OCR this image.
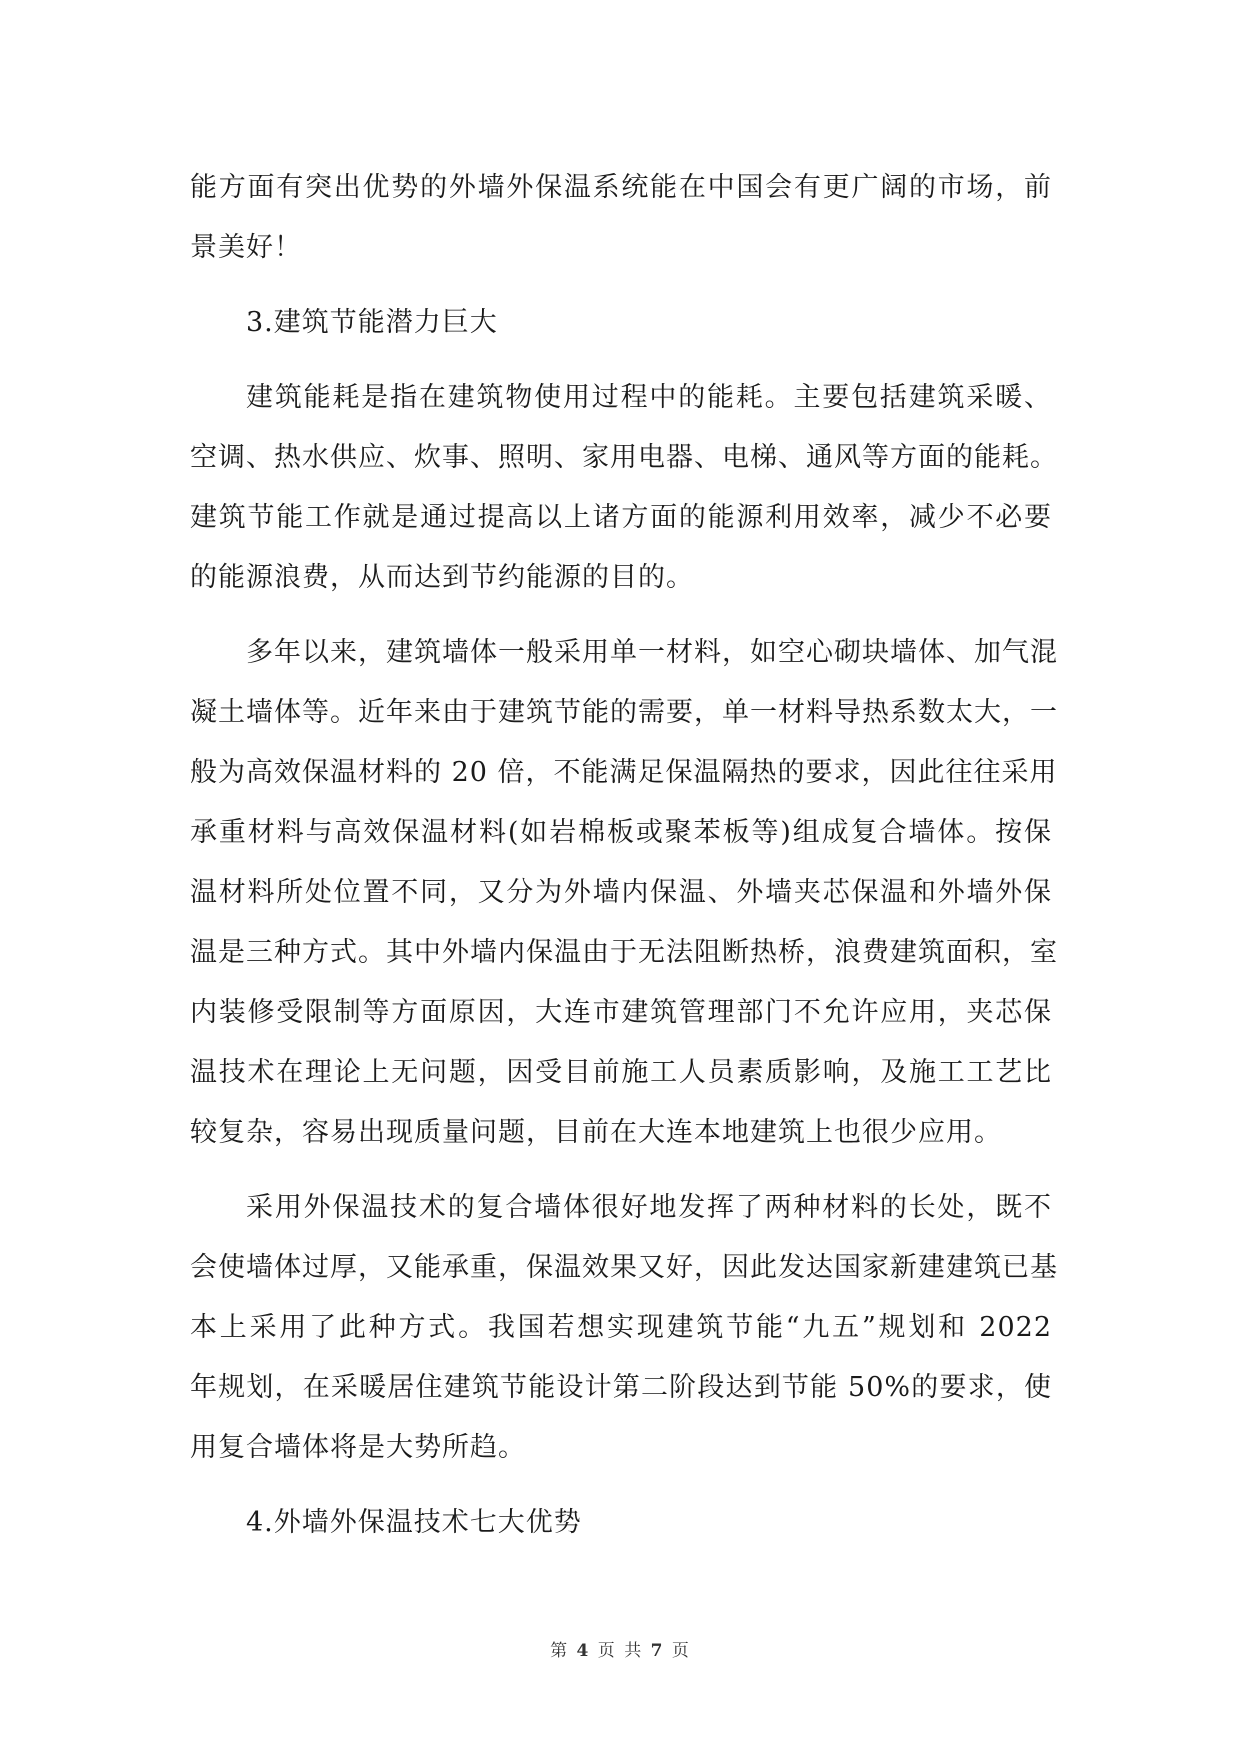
能方面有突出优势的外墙外保温系统能在中国会有更广阔的市场，前
景美好！
3.建筑节能潜力巨大
建筑能耗是指在建筑物使用过程中的能耗。主要包括建筑采暖、
空调、热水供应、炊事、照明、家用电器、电梯、通风等方面的能耗。
建筑节能工作就是通过提高以上诸方面的能源利用效率，减少不必要
的能源浪费，从而达到节约能源的目的。
多年以来，建筑墙体一般采用单一材料，如空心砌块墙体、加气混
凝土墙体等。近年来由于建筑节能的需要，单一材料导热系数太大，一
般为高效保温材料的 20 倍，不能满足保温隔热的要求，因此往往采用
承重材料与高效保温材料(如岩棉板或聚苯板等)组成复合墙体。按保
温材料所处位置不同，又分为外墙内保温、外墙夹芯保温和外墙外保
温是三种方式。其中外墙内保温由于无法阻断热桥，浪费建筑面积，室
内装修受限制等方面原因，大连市建筑管理部门不允许应用，夹芯保
温技术在理论上无问题，因受目前施工人员素质影响，及施工工艺比
较复杂，容易出现质量问题，目前在大连本地建筑上也很少应用。
采用外保温技术的复合墙体很好地发挥了两种材料的长处，既不
会使墙体过厚，又能承重，保温效果又好，因此发达国家新建建筑已基
本上采用了此种方式。我国若想实现建筑节能“九五”规划和 2022
年规划，在采暖居住建筑节能设计第二阶段达到节能 50%的要求，使
用复合墙体将是大势所趋。
4.外墙外保温技术七大优势
第 4 页 共 7 页
